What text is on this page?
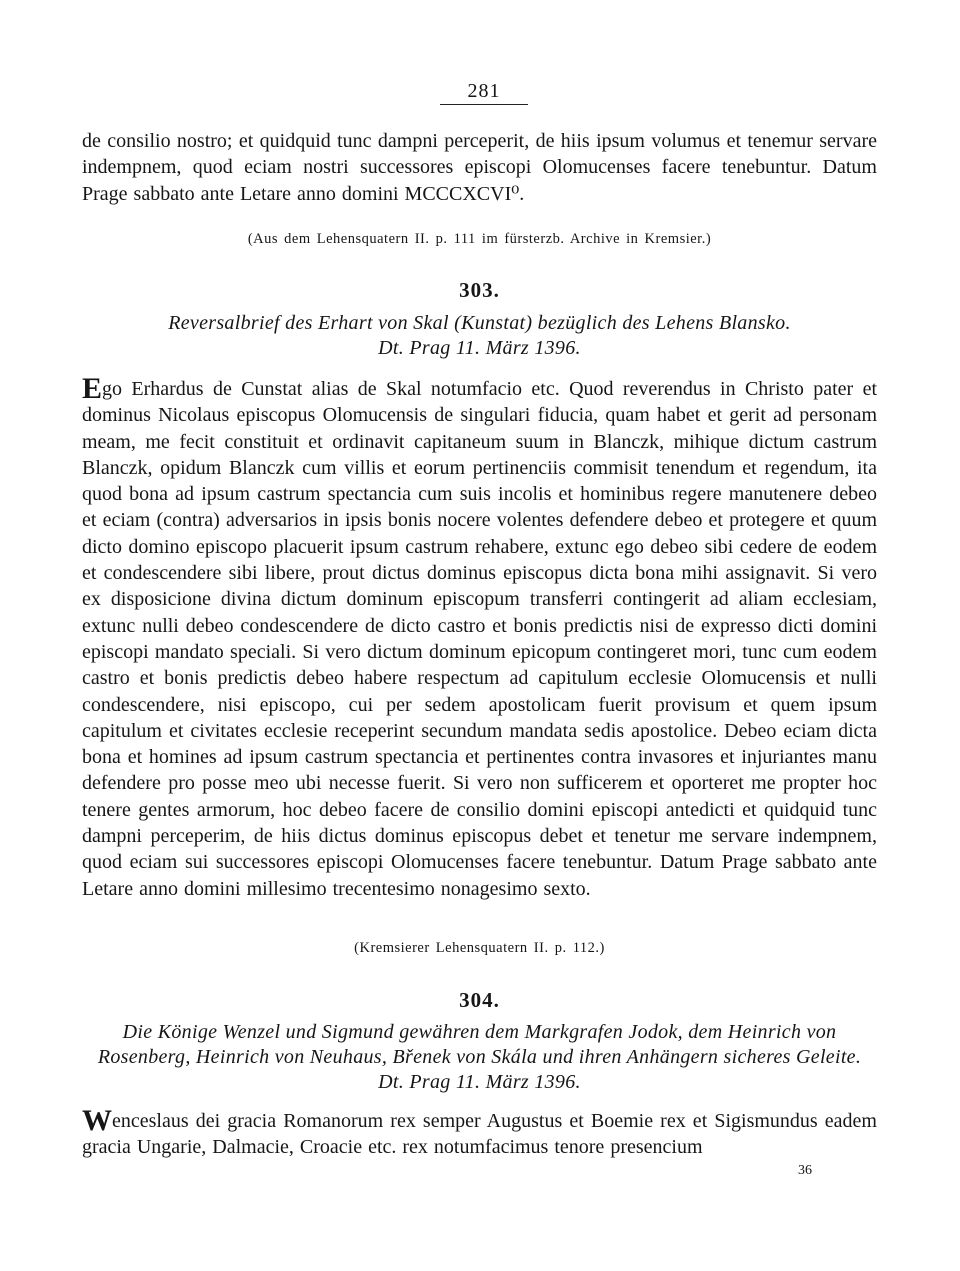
281

de consilio nostro; et quidquid tunc dampni perceperit, de hiis ipsum volumus et tenemur servare indempnem, quod eciam nostri successores episcopi Olomucenses facere tenebuntur. Datum Prage sabbato ante Letare anno domini MCCCXCVI⁰.

(Aus dem Lehensquatern II. p. 111 im fürsterzb. Archive in Kremsier.)
303.

Reversalbrief des Erhart von Skal (Kunstat) bezüglich des Lehens Blansko.

Dt. Prag 11. März 1396.

Ego Erhardus de Cunstat alias de Skal notumfacio etc. Quod reverendus in Christo pater et dominus Nicolaus episcopus Olomucensis de singulari fiducia, quam habet et gerit ad personam meam, me fecit constituit et ordinavit capitaneum suum in Blanczk, mihique dictum castrum Blanczk, opidum Blanczk cum villis et eorum pertinenciis commisit tenendum et regendum, ita quod bona ad ipsum castrum spectancia cum suis incolis et hominibus regere manutenere debeo et eciam (contra) adversarios in ipsis bonis nocere volentes defendere debeo et protegere et quum dicto domino episcopo placuerit ipsum castrum rehabere, extunc ego debeo sibi cedere de eodem et condescendere sibi libere, prout dictus dominus episcopus dicta bona mihi assignavit. Si vero ex disposicione divina dictum dominum episcopum transferri contingerit ad aliam ecclesiam, extunc nulli debeo condescendere de dicto castro et bonis predictis nisi de expresso dicti domini episcopi mandato speciali. Si vero dictum dominum epicopum contingeret mori, tunc cum eodem castro et bonis predictis debeo habere respectum ad capitulum ecclesie Olomucensis et nulli condescendere, nisi episcopo, cui per sedem apostolicam fuerit provisum et quem ipsum capitulum et civitates ecclesie receperint secundum mandata sedis apostolice. Debeo eciam dicta bona et homines ad ipsum castrum spectancia et pertinentes contra invasores et injuriantes manu defendere pro posse meo ubi necesse fuerit. Si vero non sufficerem et oporteret me propter hoc tenere gentes armorum, hoc debeo facere de consilio domini episcopi antedicti et quidquid tunc dampni perceperim, de hiis dictus dominus episcopus debet et tenetur me servare indempnem, quod eciam sui successores episcopi Olomucenses facere tenebuntur. Datum Prage sabbato ante Letare anno domini millesimo trecentesimo nonagesimo sexto.

(Kremsierer Lehensquatern II. p. 112.)
304.

Die Könige Wenzel und Sigmund gewähren dem Markgrafen Jodok, dem Heinrich von

Rosenberg, Heinrich von Neuhaus, Břenek von Skála und ihren Anhängern sicheres Geleite.

Dt. Prag 11. März 1396.

Wenceslaus dei gracia Romanorum rex semper Augustus et Boemie rex et Sigismundus eadem gracia Ungarie, Dalmacie, Croacie etc. rex notumfacimus tenore presencium

36
